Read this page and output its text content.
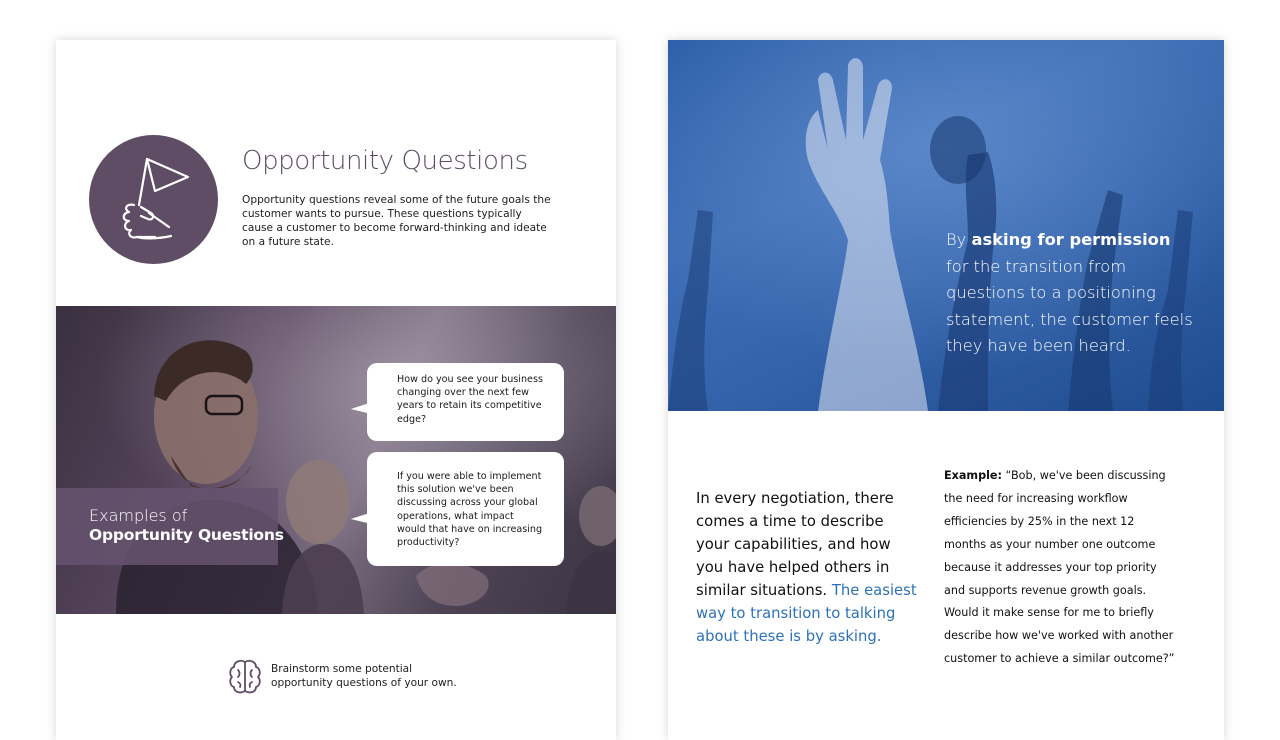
Opportunity Questions

Opportunity questions reveal some of the future goals the customer wants to pursue. These questions typically cause a customer to become forward-thinking and ideate on a future state.

How do you see your business changing over the next few years to retain its competitive edge?
If you were able to implement this solution we've been discussing across your global operations, what impact would that have on increasing productivity?
Examples of
Opportunity Questions

Brainstorm some potential opportunity questions of your own.

By asking for permission for the transition from questions to a positioning statement, the customer feels they have been heard.

In every negotiation, there comes a time to describe your capabilities, and how you have helped others in similar situations. The easiest way to transition to talking about these is by asking.

Example: “Bob, we've been discussing the need for increasing workflow efficiencies by 25% in the next 12 months as your number one outcome because it addresses your top priority and supports revenue growth goals. Would it make sense for me to briefly describe how we've worked with another customer to achieve a similar outcome?”
